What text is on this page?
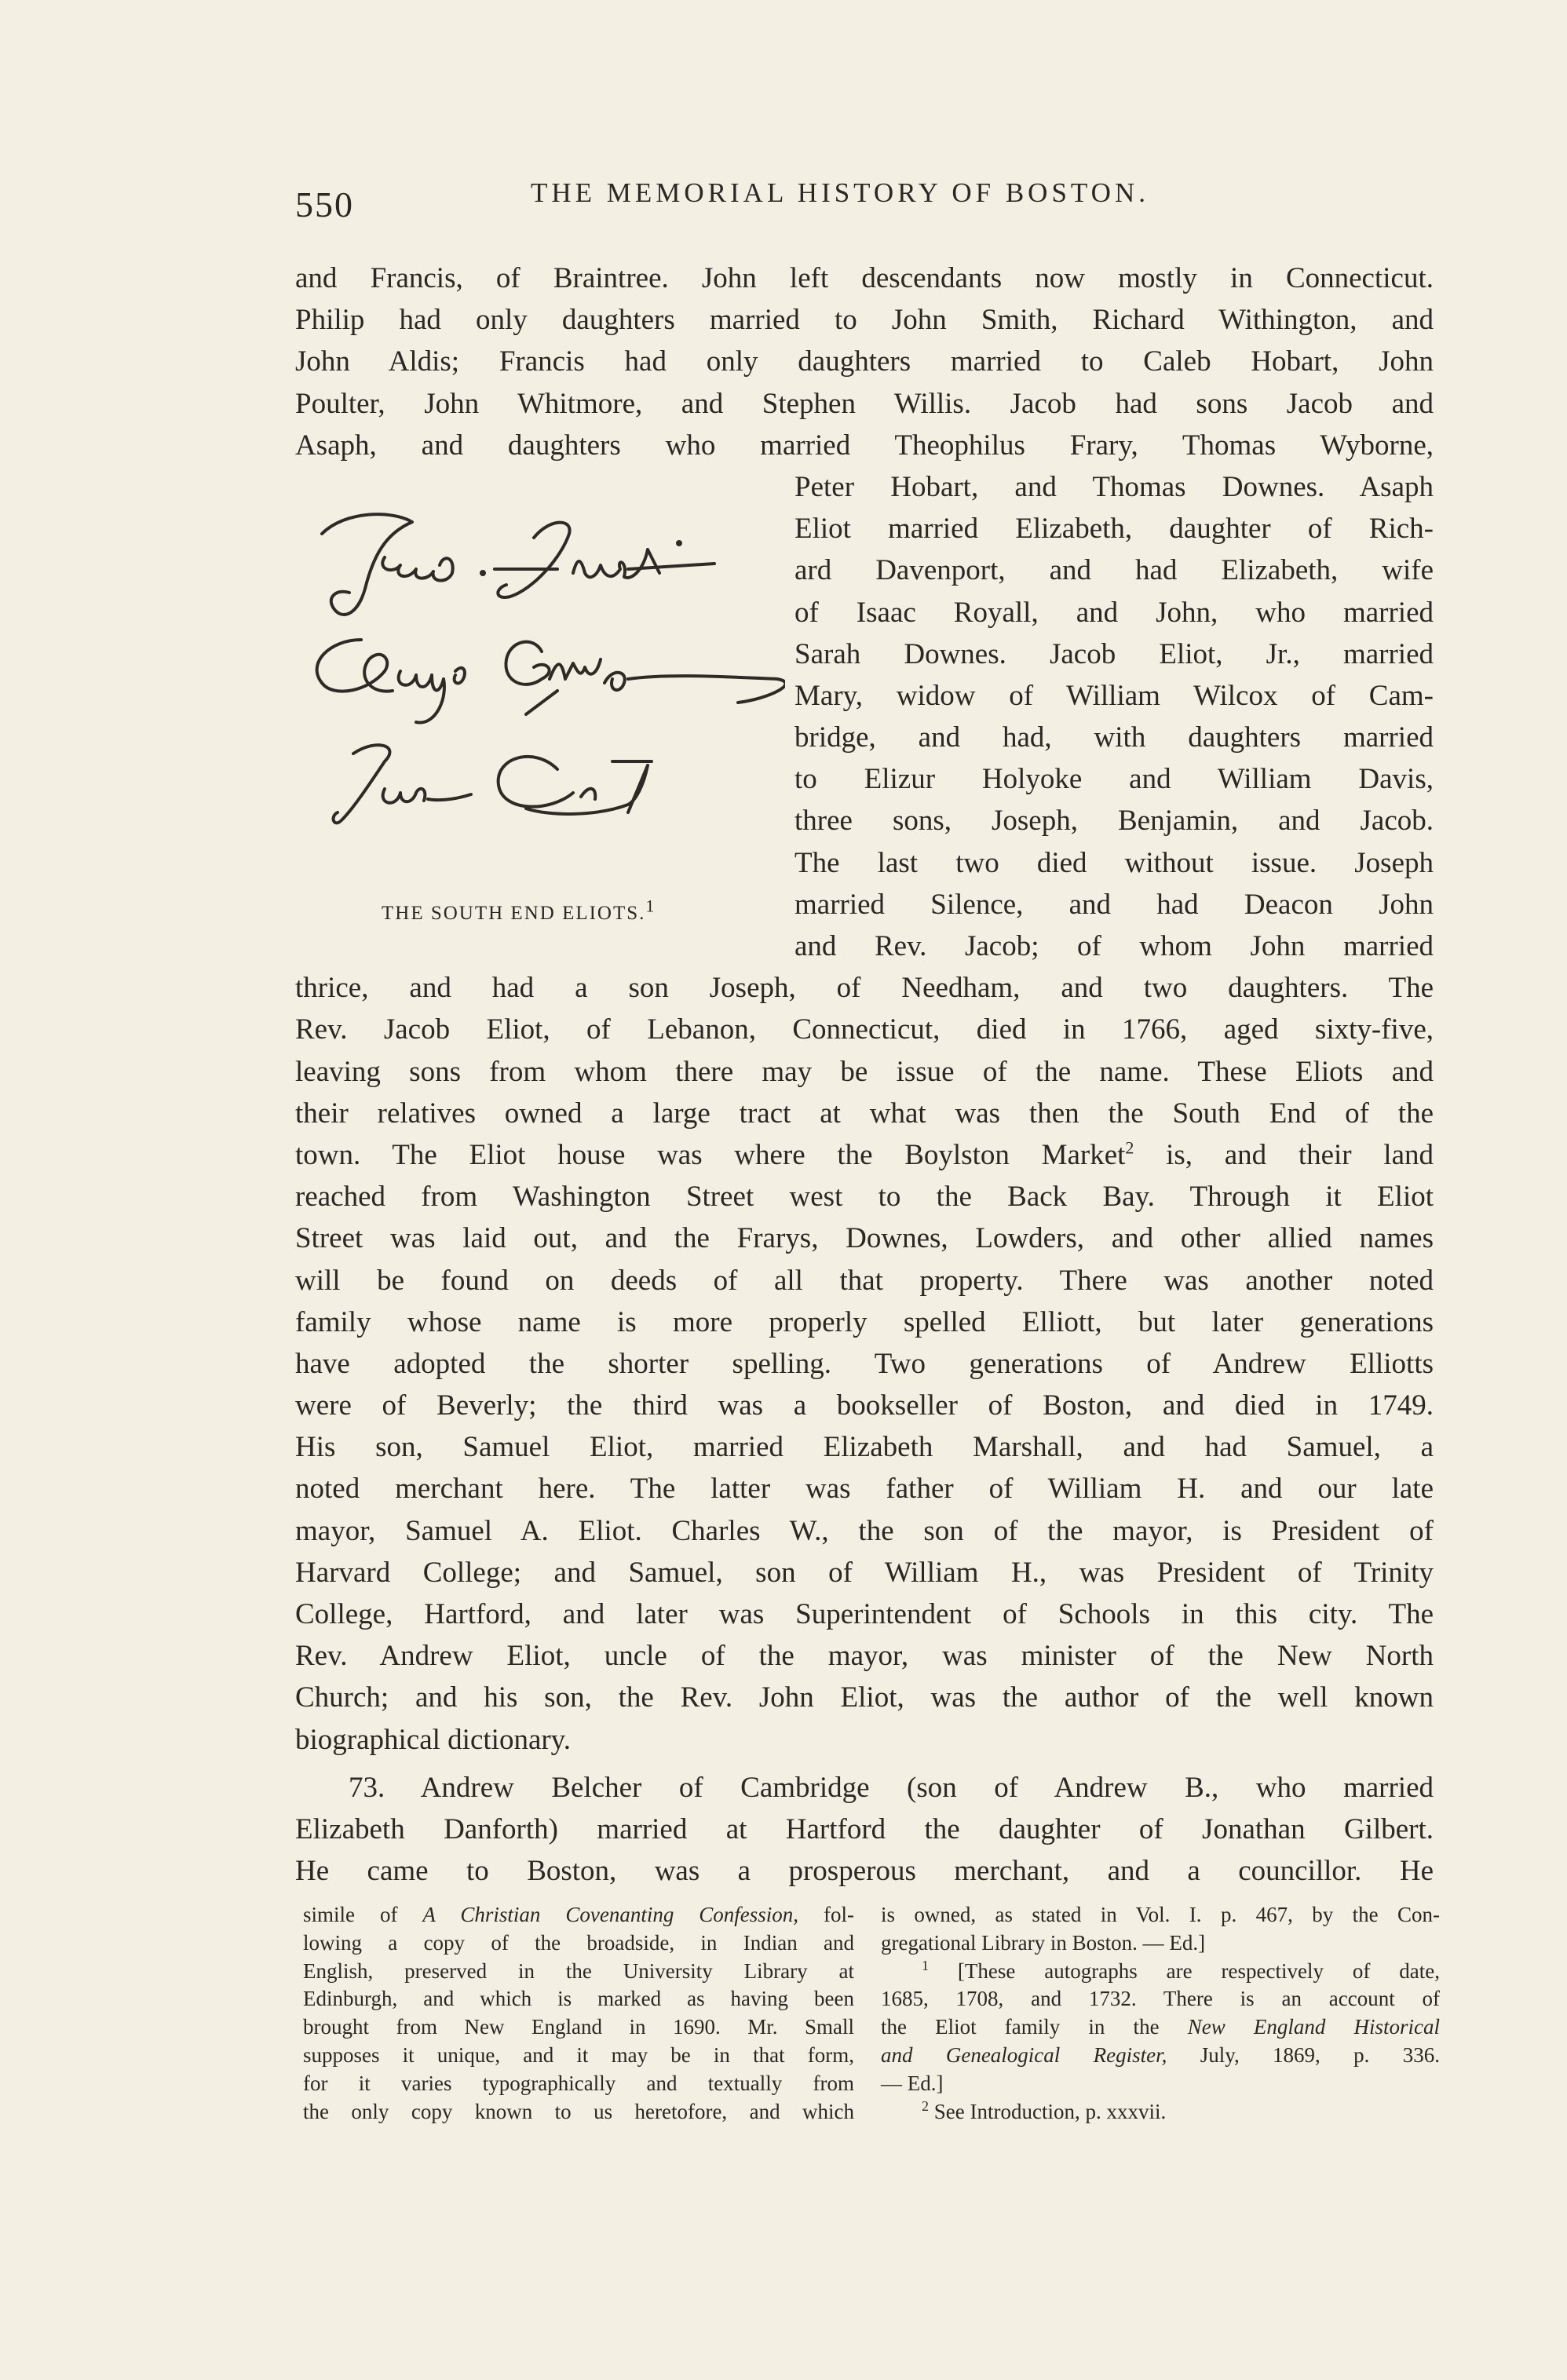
550	THE MEMORIAL HISTORY OF BOSTON.
and Francis, of Braintree. John left descendants now mostly in Connecticut.
Philip had only daughters married to John Smith, Richard Withington, and
John Aldis; Francis had only daughters married to Caleb Hobart, John
Poulter, John Whitmore, and Stephen Willis. Jacob had sons Jacob and
Asaph, and daughters who married Theophilus Frary, Thomas Wyborne,
Peter Hobart, and Thomas Downes. Asaph
Eliot married Elizabeth, daughter of Rich-
ard Davenport, and had Elizabeth, wife
of Isaac Royall, and John, who married
Sarah Downes. Jacob Eliot, Jr., married
Mary, widow of William Wilcox of Cam-
bridge, and had, with daughters married
to Elizur Holyoke and William Davis,
three sons, Joseph, Benjamin, and Jacob.
The last two died without issue. Joseph
married Silence, and had Deacon John
and Rev. Jacob; of whom John married
thrice, and had a son Joseph, of Needham, and two daughters. The
Rev. Jacob Eliot, of Lebanon, Connecticut, died in 1766, aged sixty-five,
leaving sons from whom there may be issue of the name. These Eliots and
their relatives owned a large tract at what was then the South End of the
town. The Eliot house was where the Boylston Market$^2$ is, and their land
reached from Washington Street west to the Back Bay. Through it Eliot
Street was laid out, and the Frarys, Downes, Lowders, and other allied names
will be found on deeds of all that property. There was another noted
family whose name is more properly spelled Elliott, but later generations
have adopted the shorter spelling. Two generations of Andrew Elliotts
were of Beverly; the third was a bookseller of Boston, and died in 1749.
His son, Samuel Eliot, married Elizabeth Marshall, and had Samuel, a
noted merchant here. The latter was father of William H. and our late
mayor, Samuel A. Eliot. Charles W., the son of the mayor, is President of
Harvard College; and Samuel, son of William H., was President of Trinity
College, Hartford, and later was Superintendent of Schools in this city. The
Rev. Andrew Eliot, uncle of the mayor, was minister of the New North
Church; and his son, the Rev. John Eliot, was the author of the well known
biographical dictionary.
73. Andrew Belcher of Cambridge (son of Andrew B., who married
Elizabeth Danforth) married at Hartford the daughter of Jonathan Gilbert.
He came to Boston, was a prosperous merchant, and a councillor. He
THE SOUTH END ELIOTS.$^1$
simile of A Christian Covenanting Confession, fol-
lowing a copy of the broadside, in Indian and
English, preserved in the University Library at
Edinburgh, and which is marked as having been
brought from New England in 1690. Mr. Small
supposes it unique, and it may be in that form,
for it varies typographically and textually from
the only copy known to us heretofore, and which
is owned, as stated in Vol. I. p. 467, by the Con-
gregational Library in Boston. — Ed.]
$^1$ [These autographs are respectively of date,
1685, 1708, and 1732. There is an account of
the Eliot family in the New England Historical
and Genealogical Register, July, 1869, p. 336.
— Ed.]
$^2$ See Introduction, p. xxxvii.
